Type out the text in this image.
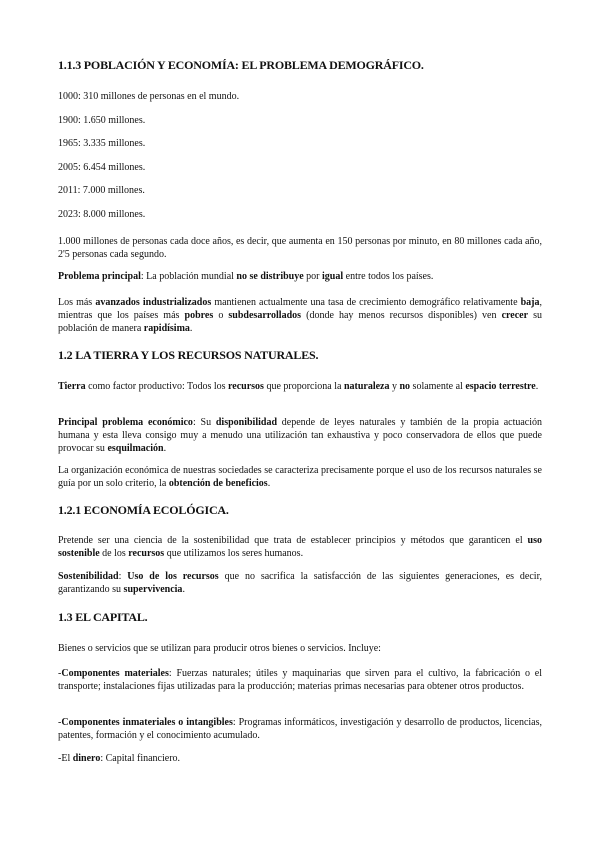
1.1.3 POBLACIÓN Y ECONOMÍA: EL PROBLEMA DEMOGRÁFICO.
1000: 310 millones de personas en el mundo.
1900: 1.650 millones.
1965: 3.335 millones.
2005: 6.454 millones.
2011: 7.000 millones.
2023: 8.000 millones.
1.000 millones de personas cada doce años, es decir, que aumenta en 150 personas por minuto, en 80 millones cada año, 2'5 personas cada segundo.
Problema principal: La población mundial no se distribuye por igual entre todos los países.
Los más avanzados industrializados mantienen actualmente una tasa de crecimiento demográfico relativamente baja, mientras que los países más pobres o subdesarrollados (donde hay menos recursos disponibles) ven crecer su población de manera rapidísima.
1.2 LA TIERRA Y LOS RECURSOS NATURALES.
Tierra como factor productivo: Todos los recursos que proporciona la naturaleza y no solamente al espacio terrestre.
Principal problema económico: Su disponibilidad depende de leyes naturales y también de la propia actuación humana y esta lleva consigo muy a menudo una utilización tan exhaustiva y poco conservadora de ellos que puede provocar su esquilmación.
La organización económica de nuestras sociedades se caracteriza precisamente porque el uso de los recursos naturales se guía por un solo criterio, la obtención de beneficios.
1.2.1 ECONOMÍA ECOLÓGICA.
Pretende ser una ciencia de la sostenibilidad que trata de establecer principios y métodos que garanticen el uso sostenible de los recursos que utilizamos los seres humanos.
Sostenibilidad: Uso de los recursos que no sacrifica la satisfacción de las siguientes generaciones, es decir, garantizando su supervivencia.
1.3 EL CAPITAL.
Bienes o servicios que se utilizan para producir otros bienes o servicios. Incluye:
-Componentes materiales: Fuerzas naturales; útiles y maquinarias que sirven para el cultivo, la fabricación o el transporte; instalaciones fijas utilizadas para la producción; materias primas necesarias para obtener otros productos.
-Componentes inmateriales o intangibles: Programas informáticos, investigación y desarrollo de productos, licencias, patentes, formación y el conocimiento acumulado.
-El dinero: Capital financiero.
